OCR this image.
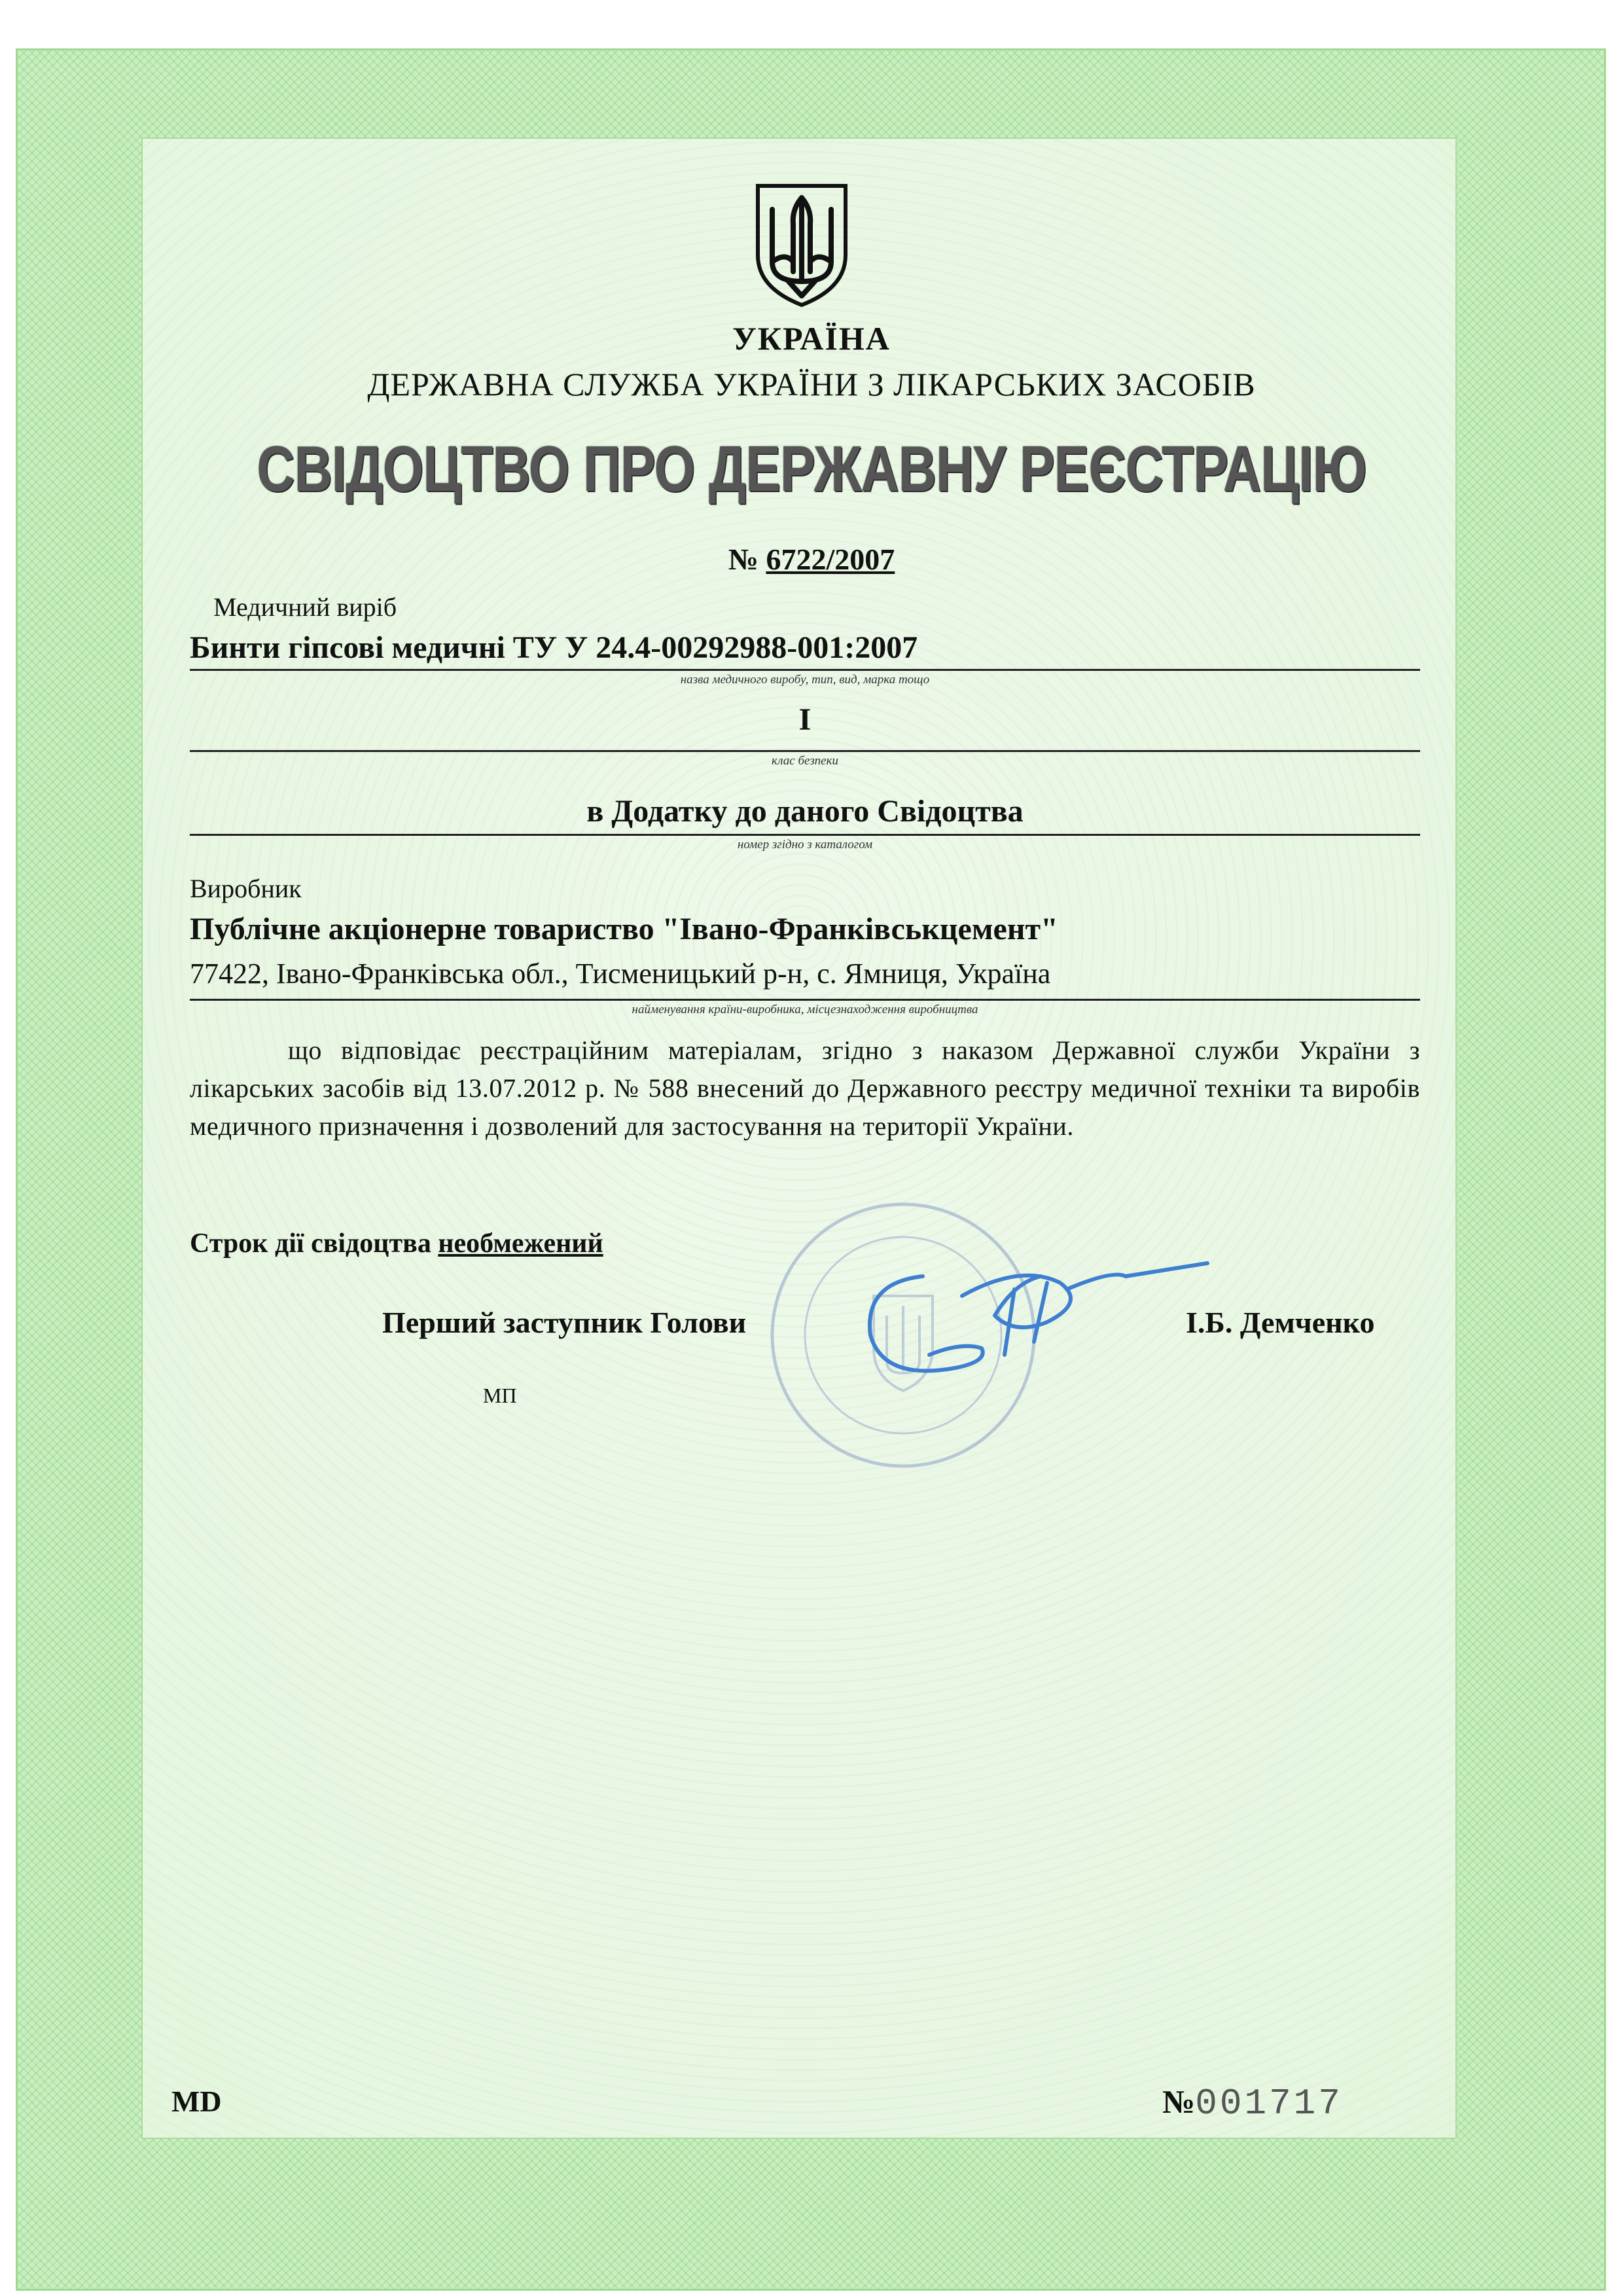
УКРАЇНА
ДЕРЖАВНА СЛУЖБА УКРАЇНИ З ЛІКАРСЬКИХ ЗАСОБІВ
СВІДОЦТВО ПРО ДЕРЖАВНУ РЕЄСТРАЦІЮ
№ 6722/2007
Медичний виріб
Бинти гіпсові медичні ТУ У 24.4-00292988-001:2007
назва медичного виробу, тип, вид, марка тощо
І
клас безпеки
в Додатку до даного Свідоцтва
номер згідно з каталогом
Виробник
Публічне акціонерне товариство "Івано-Франківськцемент"
77422, Івано-Франківська обл., Тисменицький р-н, с. Ямниця, Україна
найменування країни-виробника, місцезнаходження виробництва
що відповідає реєстраційним матеріалам, згідно з наказом Державної служби України з лікарських засобів від 13.07.2012 р. № 588 внесений до Державного реєстру медичної техніки та виробів медичного призначення і дозволений для застосування на території України.
Строк дії свідоцтва необмежений
Перший заступник Голови	І.Б. Демченко
МП
MD	№ 001717
